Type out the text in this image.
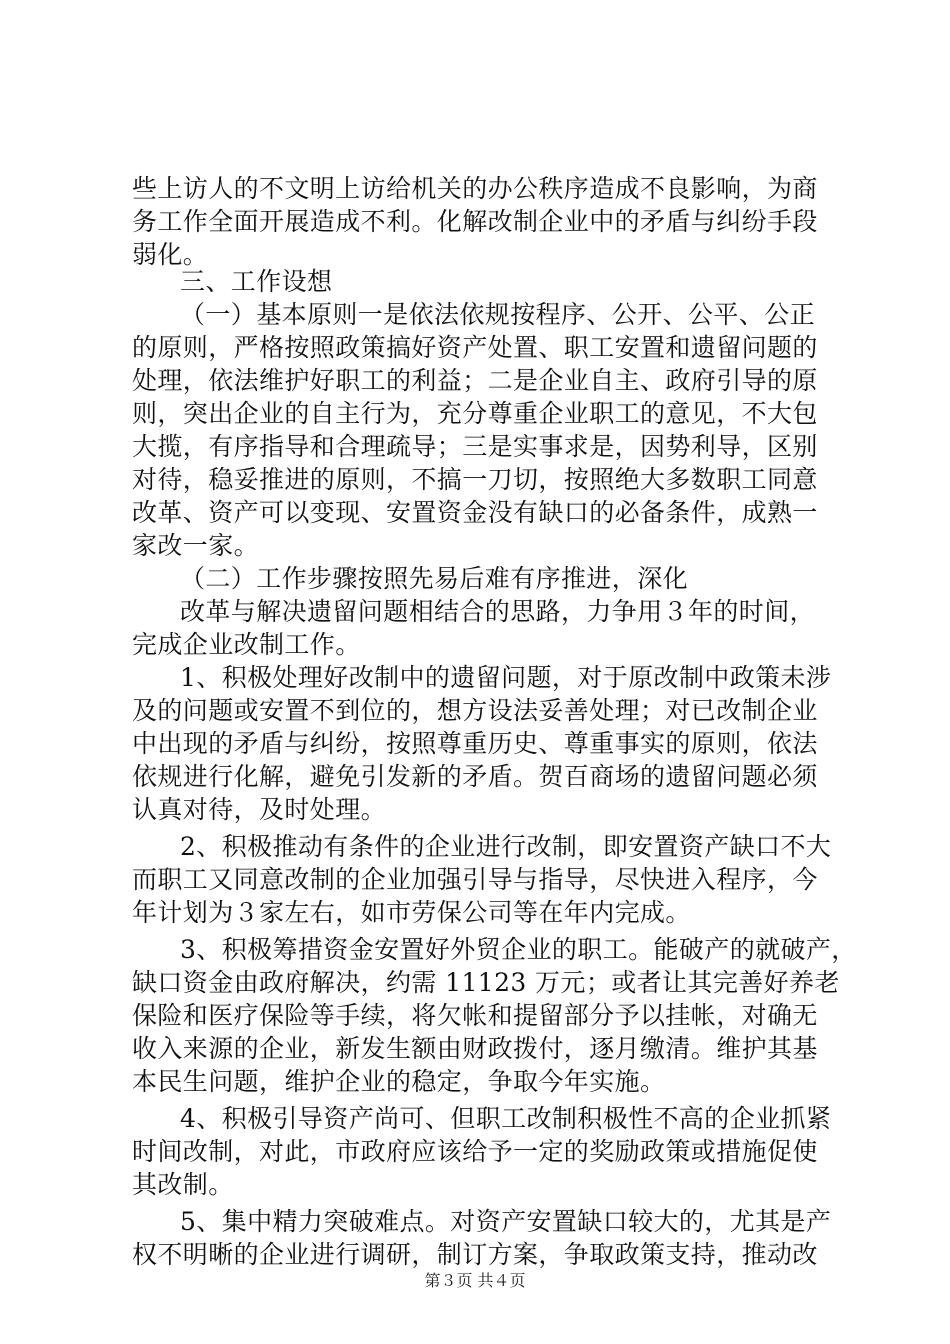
些上访人的不文明上访给机关的办公秩序造成不良影响，为商
务工作全面开展造成不利。化解改制企业中的矛盾与纠纷手段
弱化。
三、工作设想
（一）基本原则一是依法依规按程序、公开、公平、公正
的原则，严格按照政策搞好资产处置、职工安置和遗留问题的
处理，依法维护好职工的利益；二是企业自主、政府引导的原
则，突出企业的自主行为，充分尊重企业职工的意见，不大包
大揽，有序指导和合理疏导；三是实事求是，因势利导，区别
对待，稳妥推进的原则，不搞一刀切，按照绝大多数职工同意
改革、资产可以变现、安置资金没有缺口的必备条件，成熟一
家改一家。
（二）工作步骤按照先易后难有序推进，深化
改革与解决遗留问题相结合的思路，力争用３年的时间，
完成企业改制工作。
1、积极处理好改制中的遗留问题，对于原改制中政策未涉
及的问题或安置不到位的，想方设法妥善处理；对已改制企业
中出现的矛盾与纠纷，按照尊重历史、尊重事实的原则，依法
依规进行化解，避免引发新的矛盾。贺百商场的遗留问题必须
认真对待，及时处理。
2、积极推动有条件的企业进行改制，即安置资产缺口不大
而职工又同意改制的企业加强引导与指导，尽快进入程序，今
年计划为３家左右，如市劳保公司等在年内完成。
3、积极筹措资金安置好外贸企业的职工。能破产的就破产，
缺口资金由政府解决，约需 11123 万元；或者让其完善好养老
保险和医疗保险等手续，将欠帐和提留部分予以挂帐，对确无
收入来源的企业，新发生额由财政拨付，逐月缴清。维护其基
本民生问题，维护企业的稳定，争取今年实施。
4、积极引导资产尚可、但职工改制积极性不高的企业抓紧
时间改制，对此，市政府应该给予一定的奖励政策或措施促使
其改制。
5、集中精力突破难点。对资产安置缺口较大的，尤其是产
权不明晰的企业进行调研，制订方案，争取政策支持，推动改
第３页 共４页
